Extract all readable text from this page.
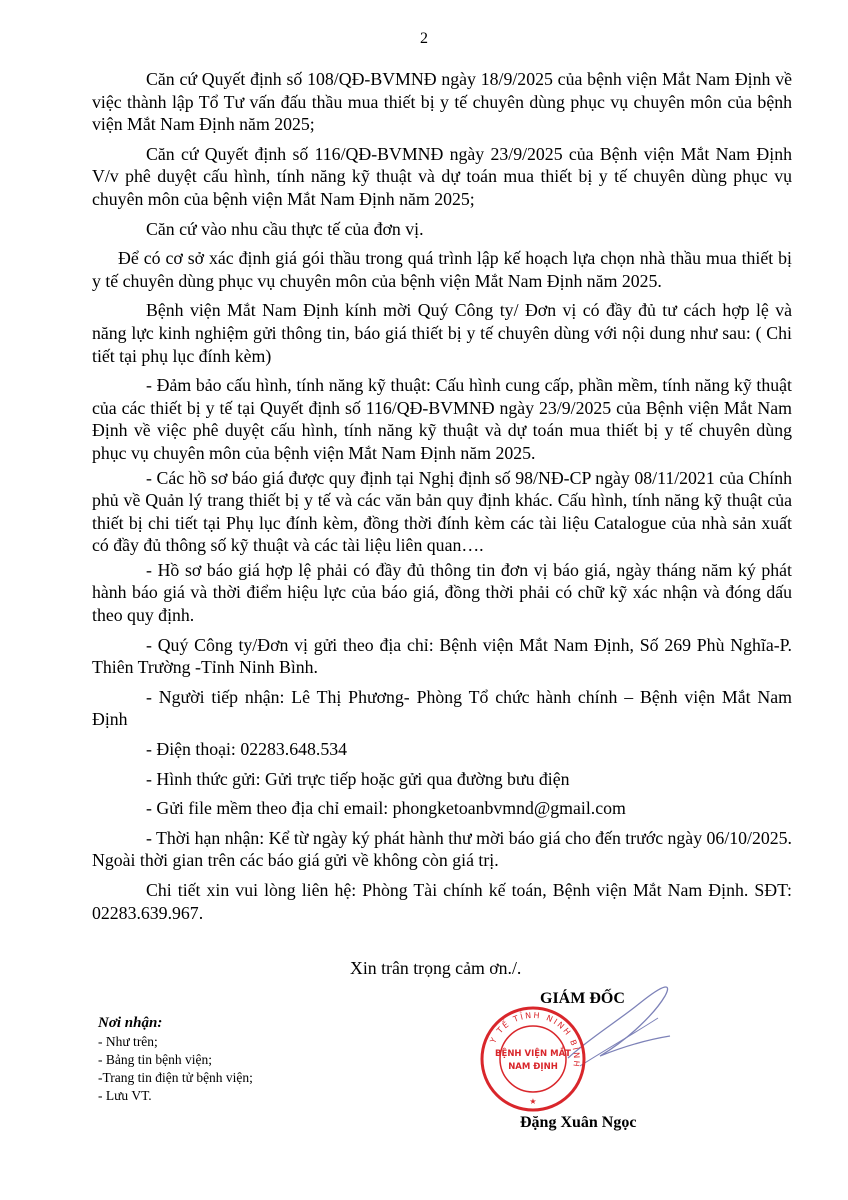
2

Căn cứ Quyết định số 108/QĐ-BVMNĐ ngày 18/9/2025 của bệnh viện Mắt Nam Định về việc thành lập Tổ Tư vấn đấu thầu mua thiết bị y tế chuyên dùng phục vụ chuyên môn của bệnh viện Mắt Nam Định năm 2025;

Căn cứ Quyết định số 116/QĐ-BVMNĐ ngày 23/9/2025 của Bệnh viện Mắt Nam Định V/v phê duyệt cấu hình, tính năng kỹ thuật và dự toán mua thiết bị y tế chuyên dùng phục vụ chuyên môn của bệnh viện Mắt Nam Định năm 2025;

Căn cứ vào nhu cầu thực tế của đơn vị.

Để có cơ sở xác định giá gói thầu trong quá trình lập kế hoạch lựa chọn nhà thầu mua thiết bị y tế chuyên dùng phục vụ chuyên môn của bệnh viện Mắt Nam Định năm 2025.

Bệnh viện Mắt Nam Định kính mời Quý Công ty/ Đơn vị có đầy đủ tư cách hợp lệ và năng lực kinh nghiệm gửi thông tin, báo giá thiết bị y tế chuyên dùng với nội dung như sau: ( Chi tiết tại phụ lục đính kèm)

- Đảm bảo cấu hình, tính năng kỹ thuật: Cấu hình cung cấp, phần mềm, tính năng kỹ thuật của các thiết bị y tế tại Quyết định số 116/QĐ-BVMNĐ ngày 23/9/2025 của Bệnh viện Mắt Nam Định về việc phê duyệt cấu hình, tính năng kỹ thuật và dự toán mua thiết bị y tế chuyên dùng phục vụ chuyên môn của bệnh viện Mắt Nam Định năm 2025.

- Các hồ sơ báo giá được quy định tại Nghị định số 98/NĐ-CP ngày 08/11/2021 của Chính phủ về Quản lý trang thiết bị y tế và các văn bản quy định khác. Cấu hình, tính năng kỹ thuật của thiết bị chi tiết tại Phụ lục đính kèm, đồng thời đính kèm các tài liệu Catalogue của nhà sản xuất có đầy đủ thông số kỹ thuật và các tài liệu liên quan….

- Hồ sơ báo giá hợp lệ phải có đầy đủ thông tin đơn vị báo giá, ngày tháng năm ký phát hành báo giá và thời điểm hiệu lực của báo giá, đồng thời phải có chữ kỹ xác nhận và đóng dấu theo quy định.

- Quý Công ty/Đơn vị gửi theo địa chỉ: Bệnh viện Mắt Nam Định, Số 269 Phù Nghĩa-P. Thiên Trường -Tỉnh Ninh Bình.

- Người tiếp nhận: Lê Thị Phương- Phòng Tổ chức hành chính – Bệnh viện Mắt Nam Định

- Điện thoại: 02283.648.534

- Hình thức gửi: Gửi trực tiếp hoặc gửi qua đường bưu điện

- Gửi file mềm theo địa chỉ email: phongketoanbvmnd@gmail.com

- Thời hạn nhận: Kể từ ngày ký phát hành thư mời báo giá cho đến trước ngày 06/10/2025. Ngoài thời gian trên các báo giá gửi về không còn giá trị.

Chi tiết xin vui lòng liên hệ: Phòng Tài chính kế toán, Bệnh viện Mắt Nam Định. SĐT: 02283.639.967.

Xin trân trọng cảm ơn./.
Nơi nhận:
- Như trên;
- Bảng tin bệnh viện;
-Trang tin điện tử bệnh viện;
- Lưu VT.
Y TẾ TỈNH NINH BÌNH
BỆNH VIỆN MẮT
NAM ĐỊNH
★
GIÁM ĐỐC
Đặng Xuân Ngọc
